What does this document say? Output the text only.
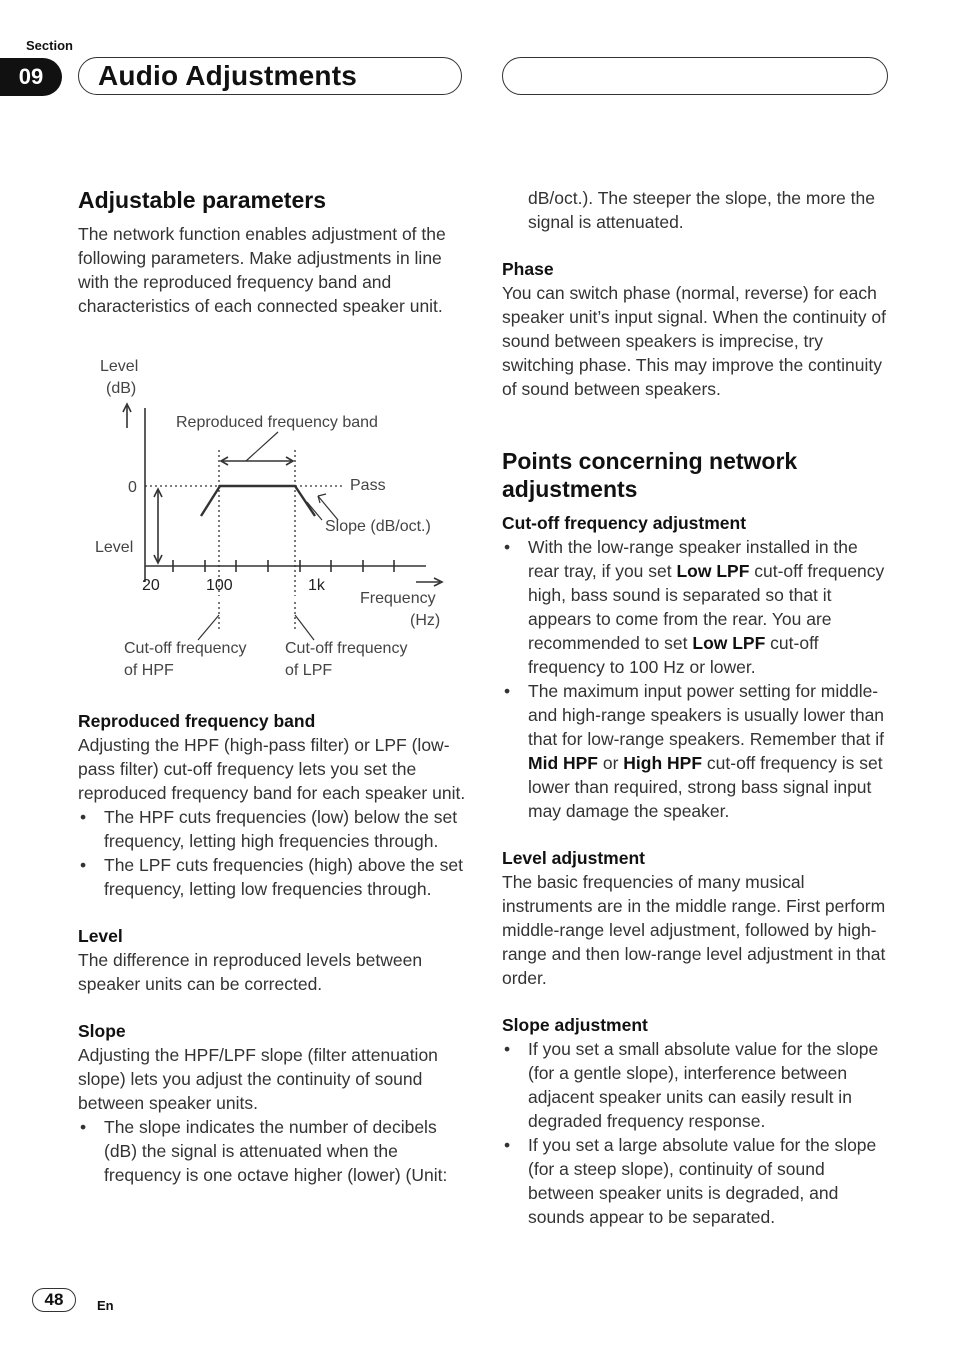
Section
09	Audio Adjustments
Adjustable parameters

The network function enables adjustment of the following parameters. Make adjustments in line with the reproduced frequency band and characteristics of each connected speaker unit.

Level
(dB)
Reproduced frequency band
0	Pass
Slope (dB/oct.)
Level
20	100	1k
Frequency
(Hz)
Cut-off frequency
of HPF
Cut-off frequency
of LPF
Reproduced frequency band

Adjusting the HPF (high-pass filter) or LPF (low-pass filter) cut-off frequency lets you set the reproduced frequency band for each speaker unit.

• The HPF cuts frequencies (low) below the set frequency, letting high frequencies through.
• The LPF cuts frequencies (high) above the set frequency, letting low frequencies through.
Level

The difference in reproduced levels between speaker units can be corrected.

Slope

Adjusting the HPF/LPF slope (filter attenuation slope) lets you adjust the continuity of sound between speaker units.

• The slope indicates the number of decibels (dB) the signal is attenuated when the frequency is one octave higher (lower) (Unit:

dB/oct.). The steeper the slope, the more the signal is attenuated.

Phase

You can switch phase (normal, reverse) for each speaker unit’s input signal. When the continuity of sound between speakers is imprecise, try switching phase. This may improve the continuity of sound between speakers.

Points concerning network adjustments
Cut-off frequency adjustment
• With the low-range speaker installed in the rear tray, if you set Low LPF cut-off frequency high, bass sound is separated so that it appears to come from the rear. You are recommended to set Low LPF cut-off frequency to 100 Hz or lower.
• The maximum input power setting for middle- and high-range speakers is usually lower than that for low-range speakers. Remember that if Mid HPF or High HPF cut-off frequency is set lower than required, strong bass signal input may damage the speaker.
Level adjustment

The basic frequencies of many musical instruments are in the middle range. First perform middle-range level adjustment, followed by high-range and then low-range level adjustment in that order.

Slope adjustment
• If you set a small absolute value for the slope (for a gentle slope), interference between adjacent speaker units can easily result in degraded frequency response.
• If you set a large absolute value for the slope (for a steep slope), continuity of sound between speaker units is degraded, and sounds appear to be separated.
48	En
